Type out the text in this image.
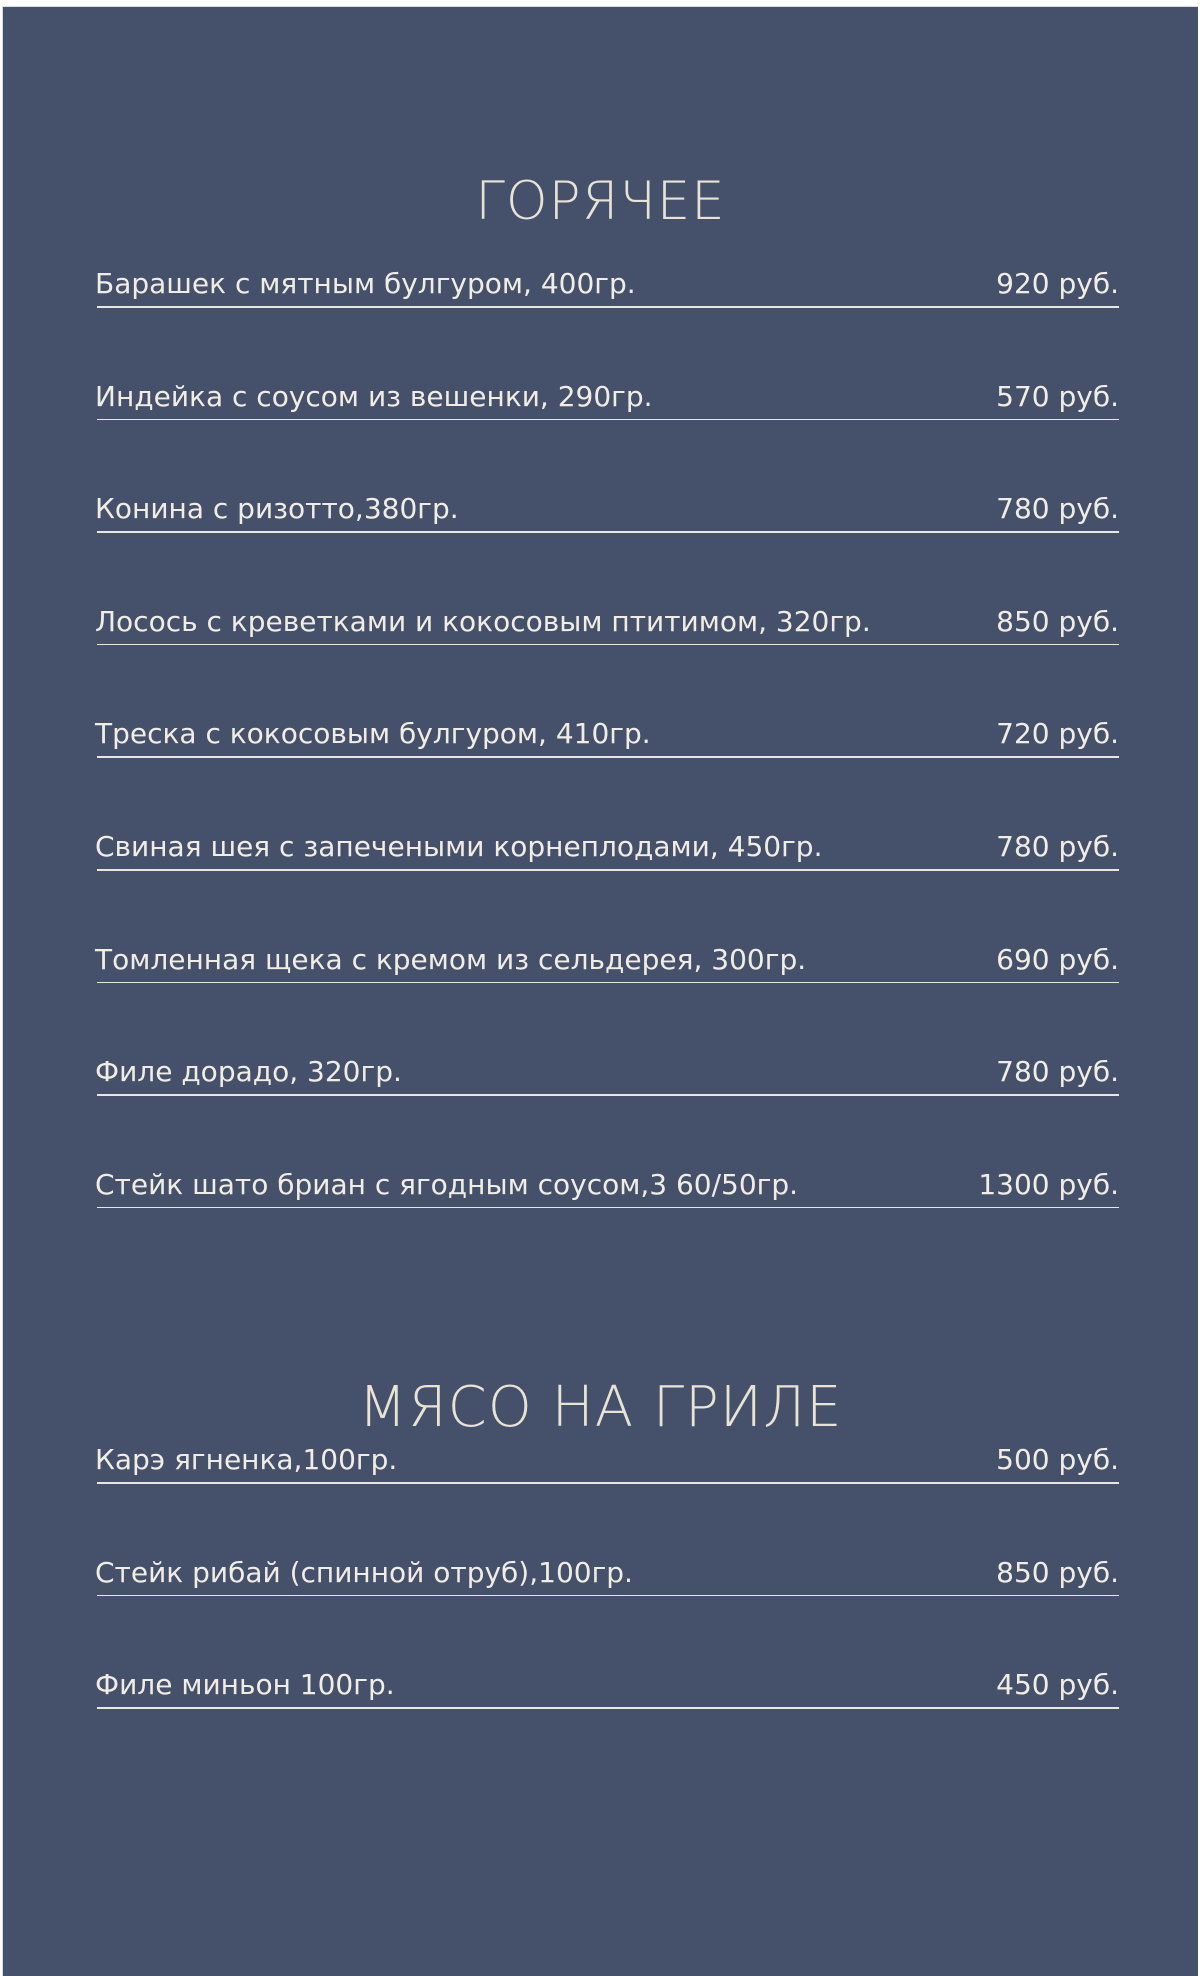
ГОРЯЧЕЕ
Барашек с мятным булгуром, 400гр.	920 руб.
Индейка с соусом из вешенки, 290гр.	570 руб.
Конина с ризотто,380гр.	780 руб.
Лосось с креветками и кокосовым птитимом, 320гр.	850 руб.
Треска с кокосовым булгуром, 410гр.	720 руб.
Свиная шея с запечеными корнеплодами, 450гр.	780 руб.
Томленная щека с кремом из сельдерея, 300гр.	690 руб.
Филе дорадо, 320гр.	780 руб.
Стейк шато бриан с ягодным соусом,3 60/50гр.	1300 руб.
МЯСО НА ГРИЛЕ
Карэ ягненка,100гр.	500 руб.
Стейк рибай (спинной отруб),100гр.	850 руб.
Филе миньон 100гр.	450 руб.
